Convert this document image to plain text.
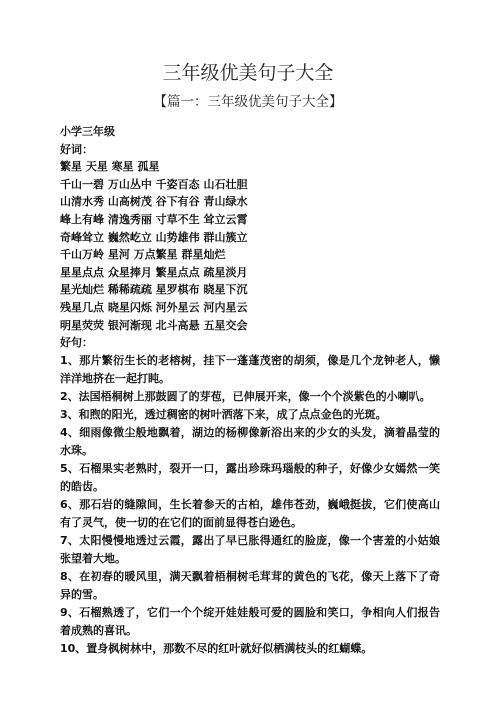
三年级优美句子大全
【篇一：三年级优美句子大全】
小学三年级
好词：
繁星 天星 寒星 孤星
千山一碧 万山丛中 千姿百态 山石壮胆
山清水秀 山高树茂 谷下有谷 青山绿水
峰上有峰 清逸秀丽 寸草不生 耸立云霄
奇峰耸立 巍然屹立 山势雄伟 群山簇立
千山万岭 星河 万点繁星 群星灿烂
星星点点 众星捧月 繁星点点 疏星淡月
星光灿烂 稀稀疏疏 星罗棋布 晓星下沉
残星几点 晓星闪烁 河外星云 河内星云
明星荧荧 银河渐现 北斗高悬 五星交会
好句：
1、那片繁衍生长的老榕树，挂下一蓬蓬茂密的胡须，像是几个龙钟老人，懒洋洋地挤在一起打盹。
2、法国梧桐树上那鼓圆了的芽苞，已伸展开来，像一个个淡紫色的小喇叭。
3、和煦的阳光，透过稠密的树叶洒落下来，成了点点金色的光斑。
4、细雨像微尘般地飘着，湖边的杨柳像新浴出来的少女的头发，滴着晶莹的水珠。
5、石榴果实老熟时，裂开一口，露出珍珠玛瑙般的种子，好像少女嫣然一笑的皓齿。
6、那石岩的缝隙间，生长着参天的古柏，雄伟苍劲，巍峨挺拔，它们使高山有了灵气，使一切的在它们的面前显得苍白逊色。
7、太阳慢慢地透过云霞，露出了早已胀得通红的脸庞，像一个害羞的小姑娘张望着大地。
8、在初春的暖风里，满天飘着梧桐树毛茸茸的黄色的飞花，像天上落下了奇异的雪。
9、石榴熟透了，它们一个个绽开娃娃般可爱的圆脸和笑口，争相向人们报告着成熟的喜讯。
10、置身枫树林中，那数不尽的红叶就好似栖满枝头的红蝴蝶。
